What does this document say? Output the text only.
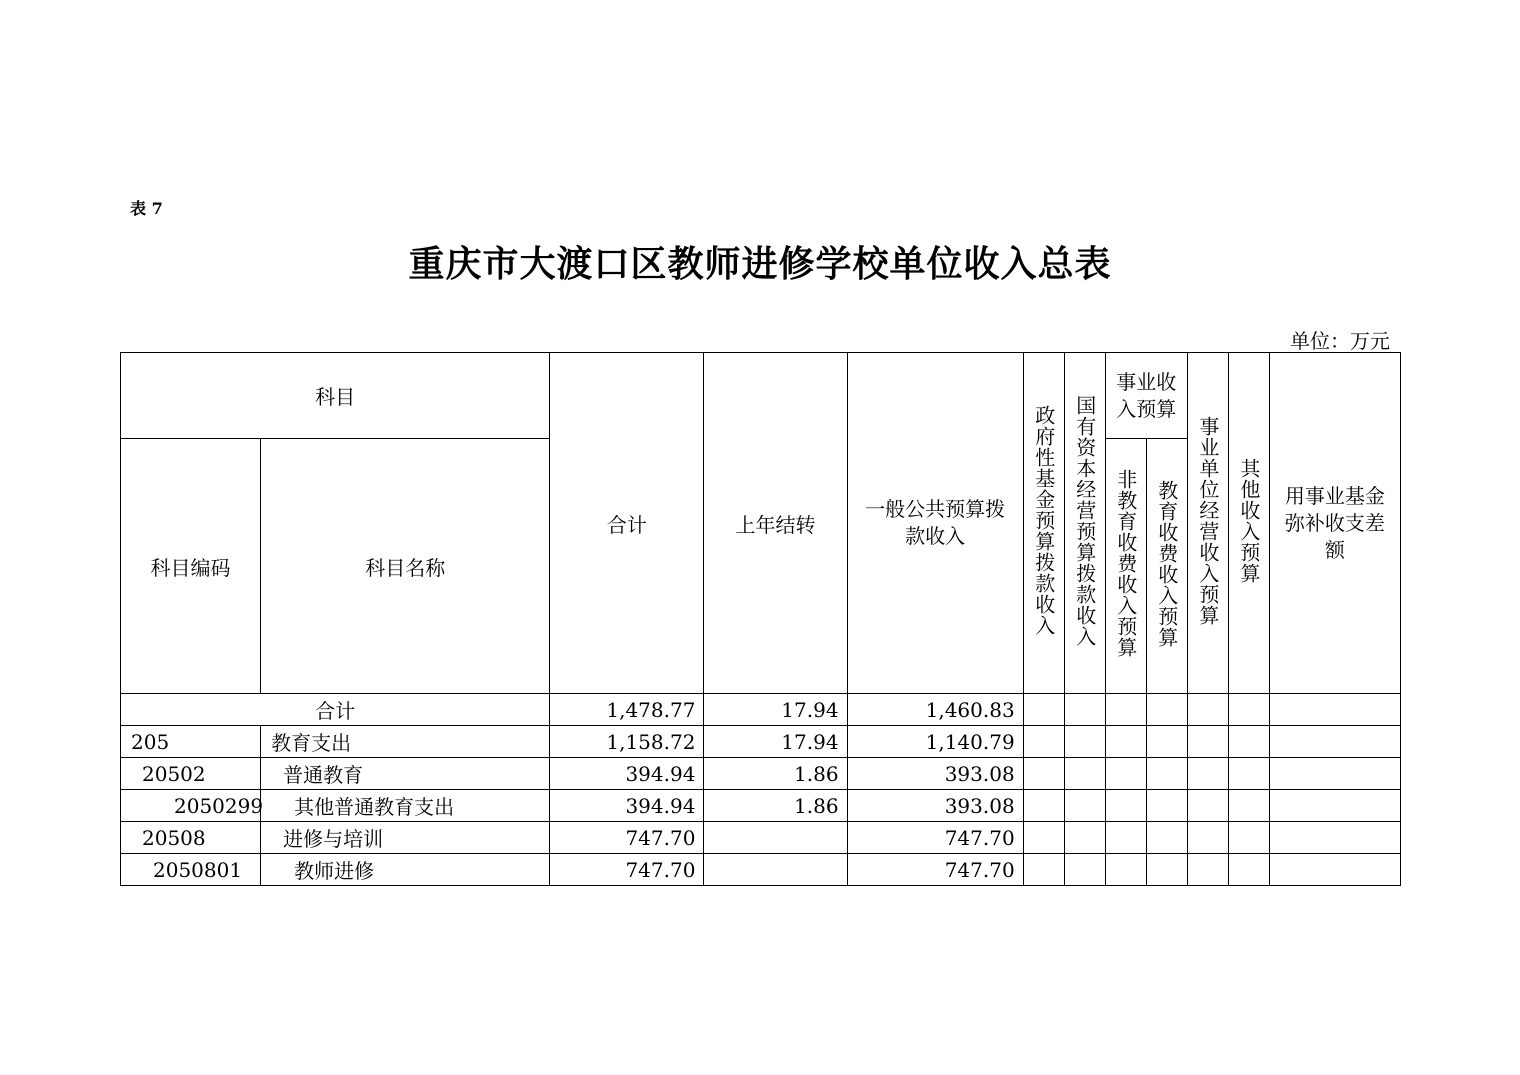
表 7
重庆市大渡口区教师进修学校单位收入总表
单位：万元
科目		合计	上年结转	一般公共预算拨款收入	政府性基金预算拨款收入	国有资本经营预算拨款收入	事业收入预算		事业单位经营收入预算	其他收入预算	用事业基金弥补收支差额
科目编码	科目名称						非教育收费收入预算	教育收费收入预算			
合计		1,478.77	17.94	1,460.83							
205	教育支出	1,158.72	17.94	1,140.79							
20502	普通教育	394.94	1.86	393.08							
2050299	其他普通教育支出	394.94	1.86	393.08							
20508	进修与培训	747.70		747.70							
2050801	教师进修	747.70		747.70							
